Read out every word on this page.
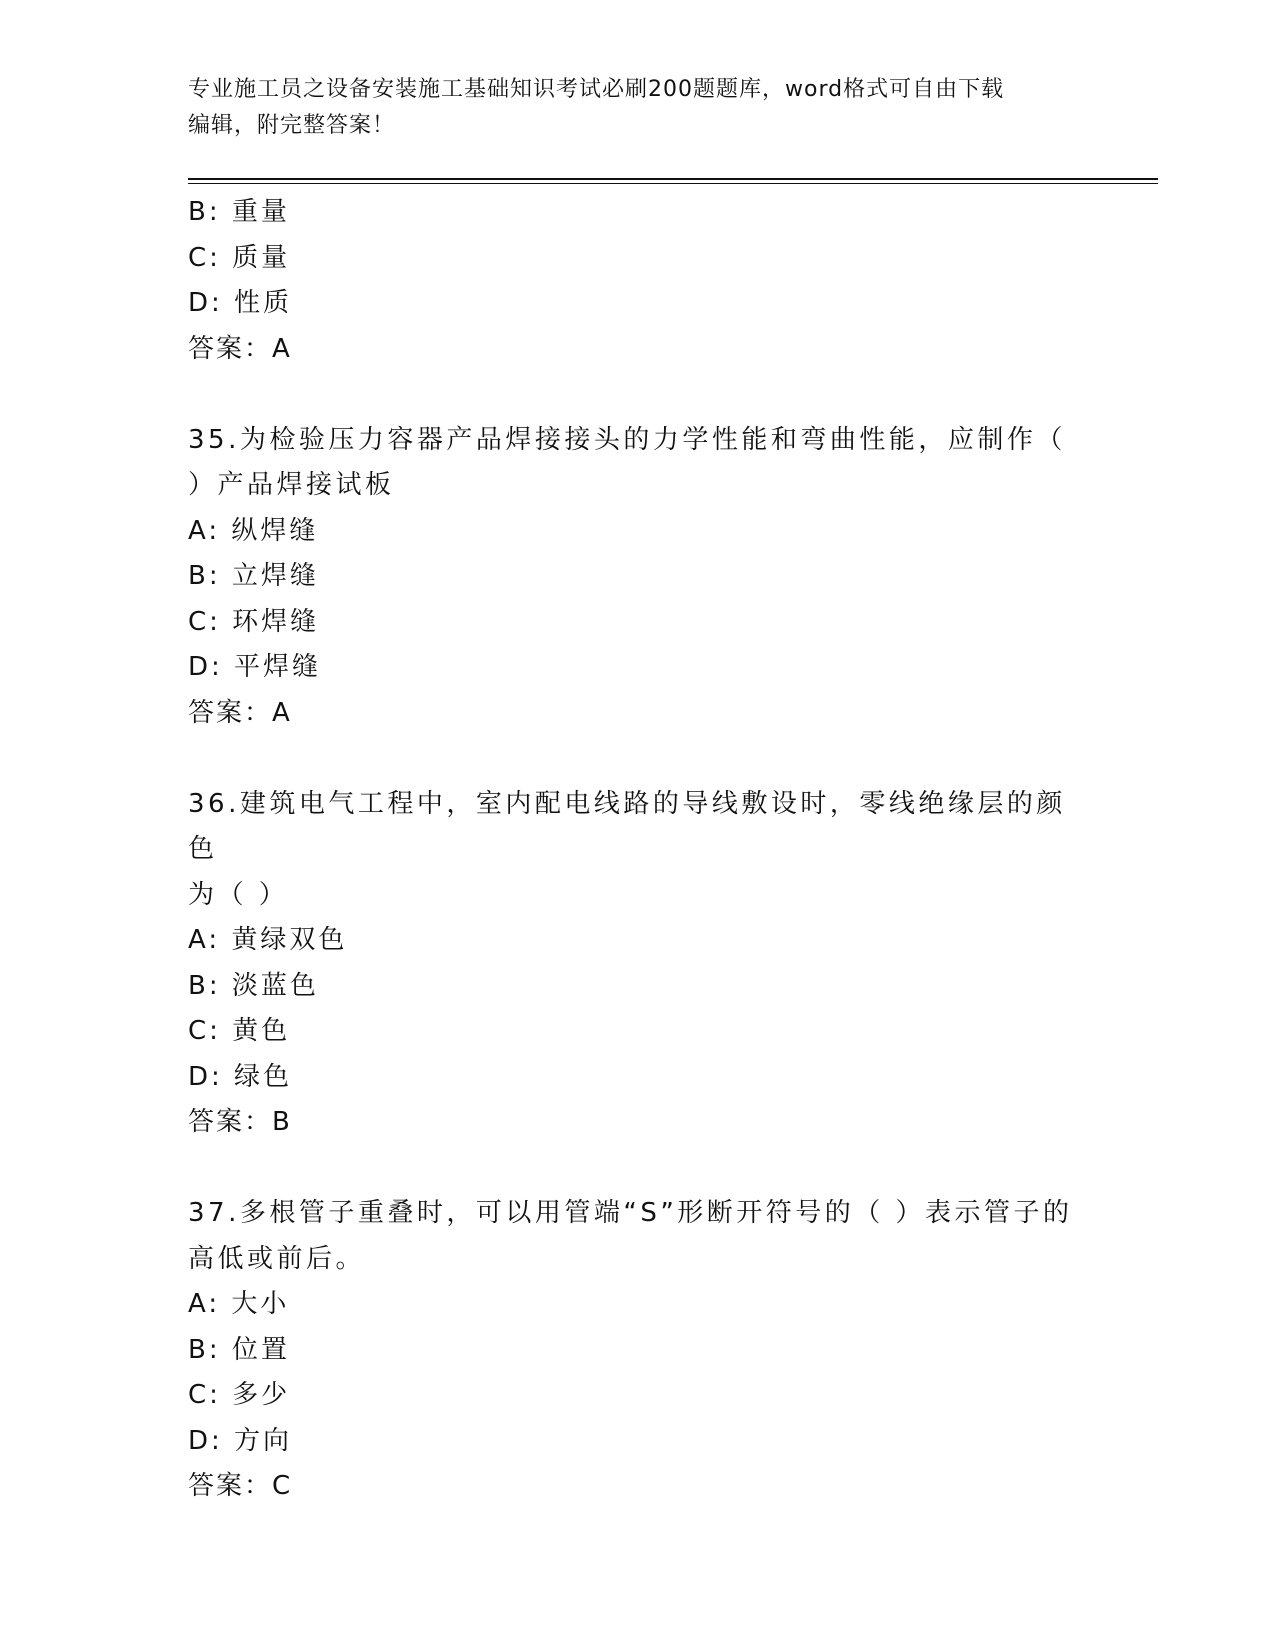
专业施工员之设备安装施工基础知识考试必刷200题题库，word格式可自由下载
编辑，附完整答案！
B: 重量
C: 质量
D: 性质
答案：A
35.为检验压力容器产品焊接接头的力学性能和弯曲性能，应制作（
）产品焊接试板
A: 纵焊缝
B: 立焊缝
C: 环焊缝
D: 平焊缝
答案：A
36.建筑电气工程中，室内配电线路的导线敷设时，零线绝缘层的颜色
为（ ）
A: 黄绿双色
B: 淡蓝色
C: 黄色
D: 绿色
答案：B
37.多根管子重叠时，可以用管端“S”形断开符号的（ ）表示管子的
高低或前后。
A: 大小
B: 位置
C: 多少
D: 方向
答案：C
